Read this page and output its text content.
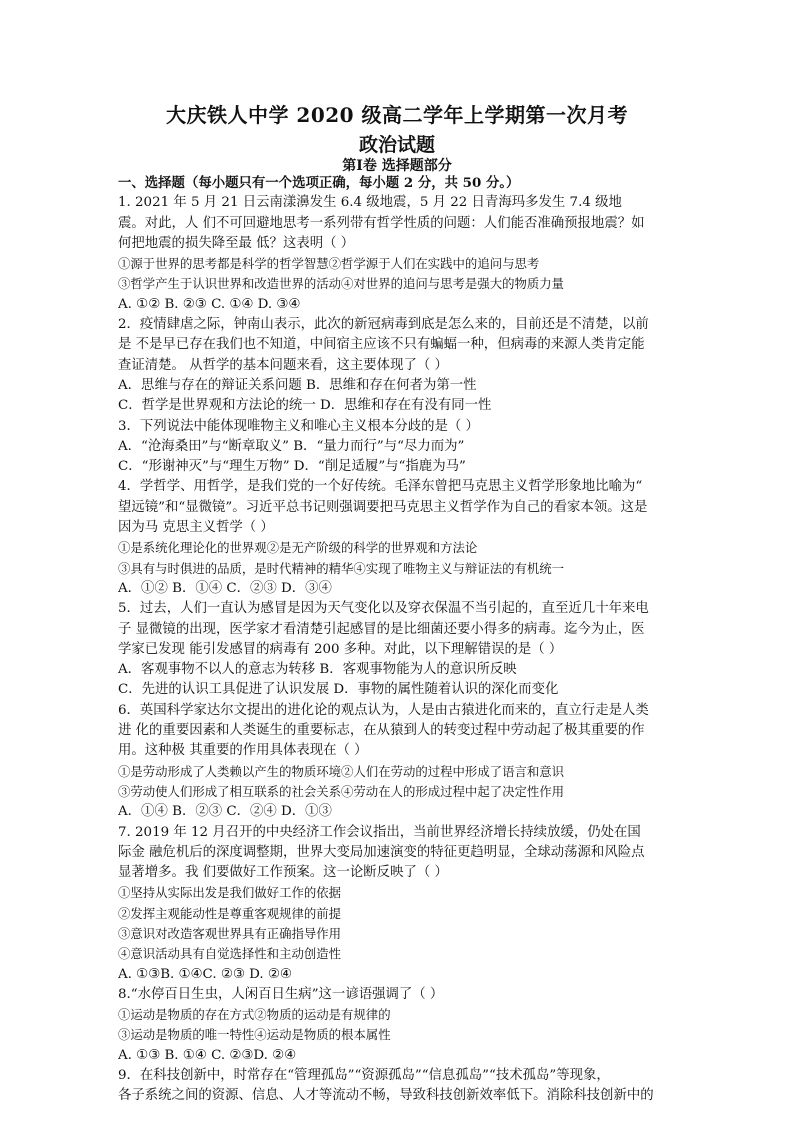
大庆铁人中学 2020 级高二学年上学期第一次月考
政治试题
第Ⅰ卷 选择题部分
一、选择题（每小题只有一个选项正确，每小题 2 分，共 50 分。）
1. 2021 年 5 月 21 日云南漾濞发生 6.4 级地震，5 月 22 日青海玛多发生 7.4 级地
震。对此，人 们不可回避地思考一系列带有哲学性质的问题：人们能否准确预报地震？如
何把地震的损失降至最 低？这表明（ ）
①源于世界的思考都是科学的哲学智慧②哲学源于人们在实践中的追问与思考
③哲学产生于认识世界和改造世界的活动④对世界的追问与思考是强大的物质力量
A. ①② B. ②③ C. ①④ D. ③④
2．疫情肆虐之际，钟南山表示，此次的新冠病毒到底是怎么来的，目前还是不清楚，以前
是 不是早已存在我们也不知道，中间宿主应该不只有蝙蝠一种，但病毒的来源人类肯定能
查证清楚。 从哲学的基本问题来看，这主要体现了（ ）
A．思维与存在的辩证关系问题 B．思维和存在何者为第一性
C．哲学是世界观和方法论的统一 D．思维和存在有没有同一性
3．下列说法中能体现唯物主义和唯心主义根本分歧的是（ ）
A．“沧海桑田”与“断章取义” B．“量力而行”与“尽力而为”
C．“形谢神灭”与“理生万物” D．“削足适履”与“指鹿为马”
4．学哲学、用哲学，是我们党的一个好传统。毛泽东曾把马克思主义哲学形象地比喻为“
望远镜”和“显微镜”。习近平总书记则强调要把马克思主义哲学作为自己的看家本领。这是
因为马 克思主义哲学（ ）
①是系统化理论化的世界观②是无产阶级的科学的世界观和方法论
③具有与时俱进的品质，是时代精神的精华④实现了唯物主义与辩证法的有机统一
A．①② B．①④ C．②③ D．③④
5．过去，人们一直认为感冒是因为天气变化以及穿衣保温不当引起的，直至近几十年来电
子 显微镜的出现，医学家才看清楚引起感冒的是比细菌还要小得多的病毒。迄今为止，医
学家已发现 能引发感冒的病毒有 200 多种。对此，以下理解错误的是（ ）
A．客观事物不以人的意志为转移 B．客观事物能为人的意识所反映
C．先进的认识工具促进了认识发展 D．事物的属性随着认识的深化而变化
6．英国科学家达尔文提出的进化论的观点认为，人是由古猿进化而来的，直立行走是人类
进 化的重要因素和人类诞生的重要标志，在从猿到人的转变过程中劳动起了极其重要的作
用。这种极 其重要的作用具体表现在（ ）
①是劳动形成了人类赖以产生的物质环境②人们在劳动的过程中形成了语言和意识
③劳动使人们形成了相互联系的社会关系④劳动在人的形成过程中起了决定性作用
A．①④ B．②③ C．②④ D．①③
7. 2019 年 12 月召开的中央经济工作会议指出，当前世界经济增长持续放缓，仍处在国
际金 融危机后的深度调整期，世界大变局加速演变的特征更趋明显，全球动荡源和风险点
显著增多。我 们要做好工作预案。这一论断反映了（ ）
①坚持从实际出发是我们做好工作的依据
②发挥主观能动性是尊重客观规律的前提
③意识对改造客观世界具有正确指导作用
④意识活动具有自觉选择性和主动创造性
A. ①③B. ①④C. ②③ D. ②④
8.“水停百日生虫，人闲百日生病”这一谚语强调了（ ）
①运动是物质的存在方式②物质的运动是有规律的
③运动是物质的唯一特性④运动是物质的根本属性
A. ①③ B. ①④ C. ②③D. ②④
9．在科技创新中，时常存在“管理孤岛”“资源孤岛”“信息孤岛”“技术孤岛”等现象，
各子系统之间的资源、信息、人才等流动不畅，导致科技创新效率低下。消除科技创新中的
